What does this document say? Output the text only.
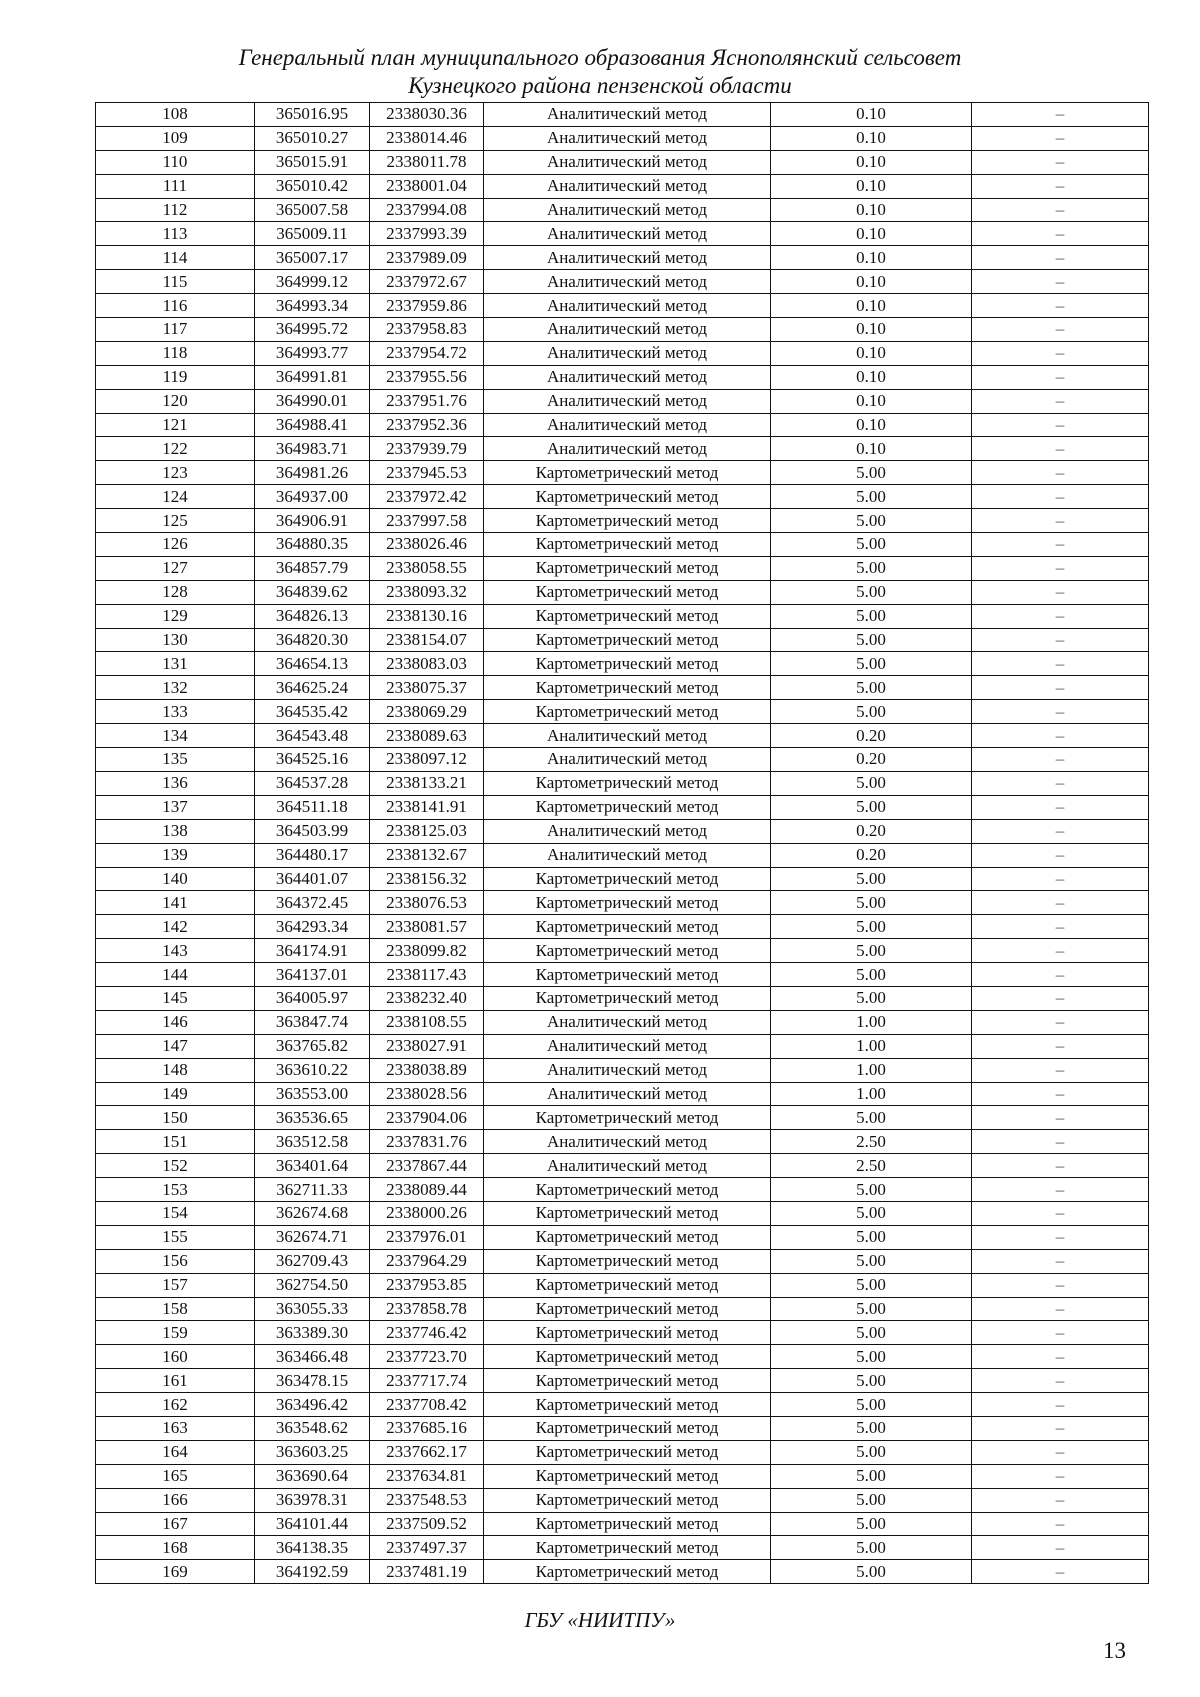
Генеральный план муниципального образования Яснополянский сельсовет
Кузнецкого района пензенской области
108	365016.95	2338030.36	Аналитический метод	0.10	–
109	365010.27	2338014.46	Аналитический метод	0.10	–
110	365015.91	2338011.78	Аналитический метод	0.10	–
111	365010.42	2338001.04	Аналитический метод	0.10	–
112	365007.58	2337994.08	Аналитический метод	0.10	–
113	365009.11	2337993.39	Аналитический метод	0.10	–
114	365007.17	2337989.09	Аналитический метод	0.10	–
115	364999.12	2337972.67	Аналитический метод	0.10	–
116	364993.34	2337959.86	Аналитический метод	0.10	–
117	364995.72	2337958.83	Аналитический метод	0.10	–
118	364993.77	2337954.72	Аналитический метод	0.10	–
119	364991.81	2337955.56	Аналитический метод	0.10	–
120	364990.01	2337951.76	Аналитический метод	0.10	–
121	364988.41	2337952.36	Аналитический метод	0.10	–
122	364983.71	2337939.79	Аналитический метод	0.10	–
123	364981.26	2337945.53	Картометрический метод	5.00	–
124	364937.00	2337972.42	Картометрический метод	5.00	–
125	364906.91	2337997.58	Картометрический метод	5.00	–
126	364880.35	2338026.46	Картометрический метод	5.00	–
127	364857.79	2338058.55	Картометрический метод	5.00	–
128	364839.62	2338093.32	Картометрический метод	5.00	–
129	364826.13	2338130.16	Картометрический метод	5.00	–
130	364820.30	2338154.07	Картометрический метод	5.00	–
131	364654.13	2338083.03	Картометрический метод	5.00	–
132	364625.24	2338075.37	Картометрический метод	5.00	–
133	364535.42	2338069.29	Картометрический метод	5.00	–
134	364543.48	2338089.63	Аналитический метод	0.20	–
135	364525.16	2338097.12	Аналитический метод	0.20	–
136	364537.28	2338133.21	Картометрический метод	5.00	–
137	364511.18	2338141.91	Картометрический метод	5.00	–
138	364503.99	2338125.03	Аналитический метод	0.20	–
139	364480.17	2338132.67	Аналитический метод	0.20	–
140	364401.07	2338156.32	Картометрический метод	5.00	–
141	364372.45	2338076.53	Картометрический метод	5.00	–
142	364293.34	2338081.57	Картометрический метод	5.00	–
143	364174.91	2338099.82	Картометрический метод	5.00	–
144	364137.01	2338117.43	Картометрический метод	5.00	–
145	364005.97	2338232.40	Картометрический метод	5.00	–
146	363847.74	2338108.55	Аналитический метод	1.00	–
147	363765.82	2338027.91	Аналитический метод	1.00	–
148	363610.22	2338038.89	Аналитический метод	1.00	–
149	363553.00	2338028.56	Аналитический метод	1.00	–
150	363536.65	2337904.06	Картометрический метод	5.00	–
151	363512.58	2337831.76	Аналитический метод	2.50	–
152	363401.64	2337867.44	Аналитический метод	2.50	–
153	362711.33	2338089.44	Картометрический метод	5.00	–
154	362674.68	2338000.26	Картометрический метод	5.00	–
155	362674.71	2337976.01	Картометрический метод	5.00	–
156	362709.43	2337964.29	Картометрический метод	5.00	–
157	362754.50	2337953.85	Картометрический метод	5.00	–
158	363055.33	2337858.78	Картометрический метод	5.00	–
159	363389.30	2337746.42	Картометрический метод	5.00	–
160	363466.48	2337723.70	Картометрический метод	5.00	–
161	363478.15	2337717.74	Картометрический метод	5.00	–
162	363496.42	2337708.42	Картометрический метод	5.00	–
163	363548.62	2337685.16	Картометрический метод	5.00	–
164	363603.25	2337662.17	Картометрический метод	5.00	–
165	363690.64	2337634.81	Картометрический метод	5.00	–
166	363978.31	2337548.53	Картометрический метод	5.00	–
167	364101.44	2337509.52	Картометрический метод	5.00	–
168	364138.35	2337497.37	Картометрический метод	5.00	–
169	364192.59	2337481.19	Картометрический метод	5.00	–
ГБУ «НИИТПУ»
13
